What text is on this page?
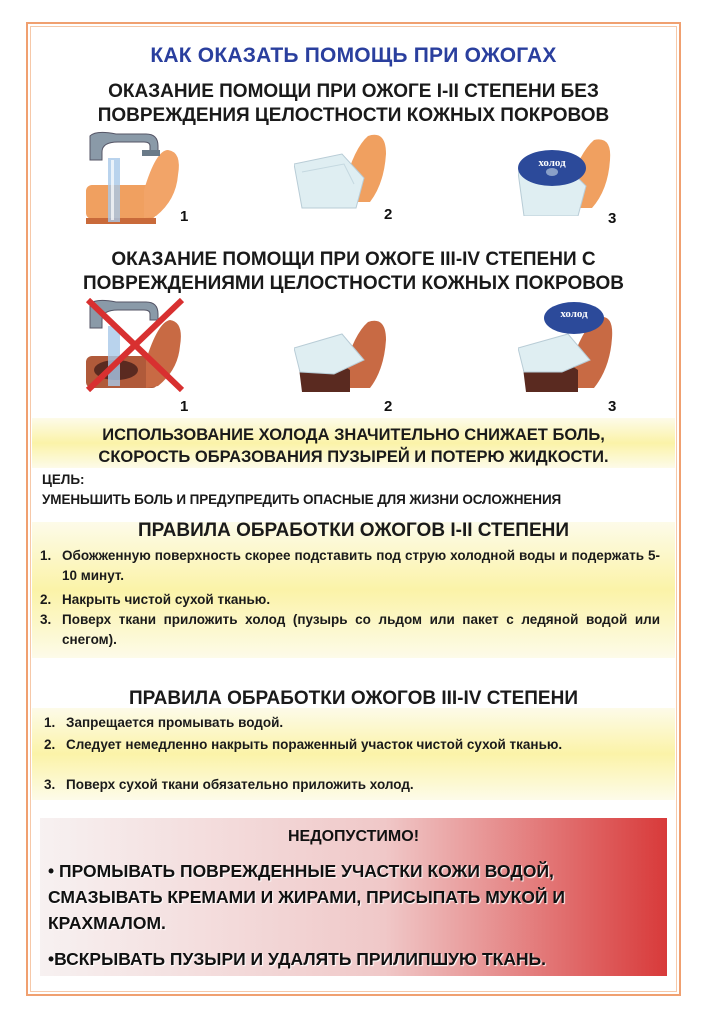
КАК ОКАЗАТЬ ПОМОЩЬ ПРИ ОЖОГАХ
ОКАЗАНИЕ ПОМОЩИ ПРИ ОЖОГЕ I-II СТЕПЕНИ БЕЗ
ПОВРЕЖДЕНИЯ ЦЕЛОСТНОСТИ КОЖНЫХ ПОКРОВОВ
1	2
холод
3
ОКАЗАНИЕ ПОМОЩИ ПРИ ОЖОГЕ III-IV СТЕПЕНИ С
ПОВРЕЖДЕНИЯМИ ЦЕЛОСТНОСТИ КОЖНЫХ ПОКРОВОВ
1	2
холод
3
ИСПОЛЬЗОВАНИЕ ХОЛОДА ЗНАЧИТЕЛЬНО СНИЖАЕТ БОЛЬ,
СКОРОСТЬ ОБРАЗОВАНИЯ ПУЗЫРЕЙ И ПОТЕРЮ ЖИДКОСТИ.
ЦЕЛЬ:
УМЕНЬШИТЬ БОЛЬ И ПРЕДУПРЕДИТЬ ОПАСНЫЕ ДЛЯ ЖИЗНИ ОСЛОЖНЕНИЯ
ПРАВИЛА ОБРАБОТКИ ОЖОГОВ I-II СТЕПЕНИ
1. Обожженную поверхность скорее подставить под струю холодной воды и подержать 5-10 минут.
2. Накрыть чистой сухой тканью.
3. Поверх ткани приложить холод (пузырь со льдом или пакет с ледяной водой или снегом).
ПРАВИЛА ОБРАБОТКИ ОЖОГОВ III-IV СТЕПЕНИ
1. Запрещается промывать водой.
2. Следует немедленно накрыть пораженный участок чистой сухой тканью.
3. Поверх сухой ткани обязательно приложить холод.
НЕДОПУСТИМО!
• ПРОМЫВАТЬ ПОВРЕЖДЕННЫЕ УЧАСТКИ КОЖИ ВОДОЙ, СМАЗЫВАТЬ КРЕМАМИ И ЖИРАМИ, ПРИСЫПАТЬ МУКОЙ И КРАХМАЛОМ.
•ВСКРЫВАТЬ ПУЗЫРИ И УДАЛЯТЬ ПРИЛИПШУЮ ТКАНЬ.
